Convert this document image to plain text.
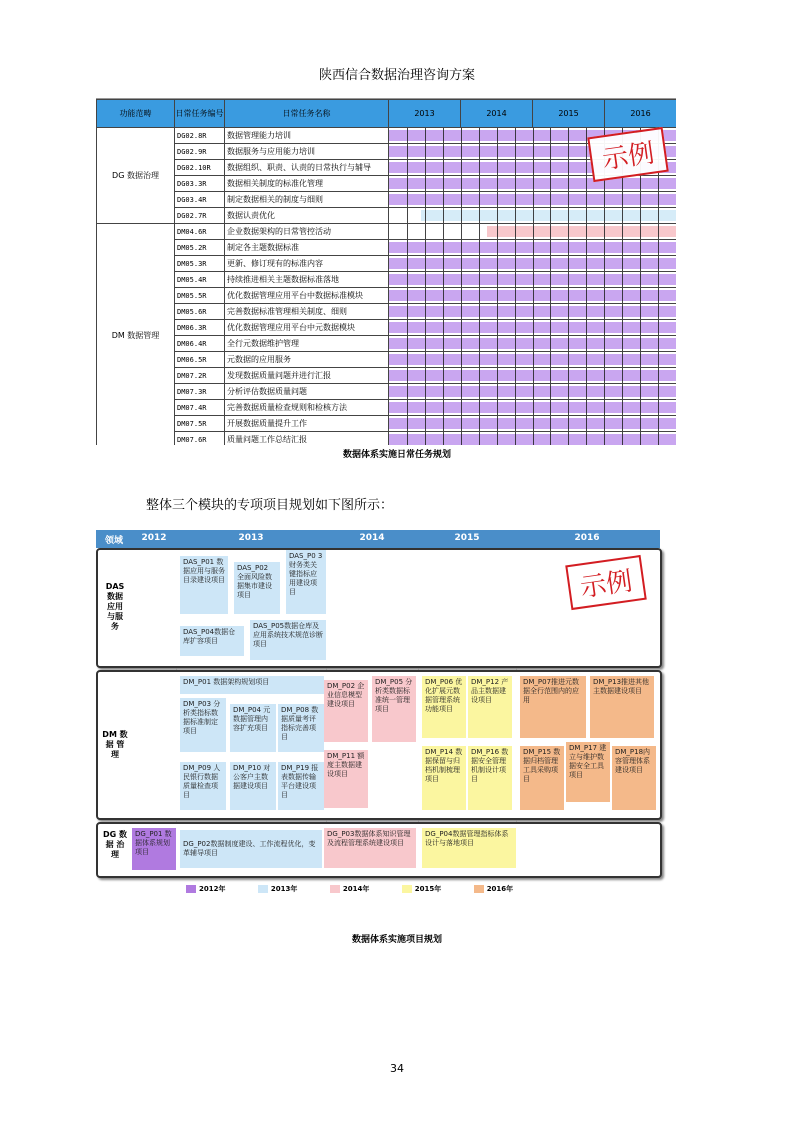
陕西信合数据治理咨询方案
功能范畴	日常任务编号	日常任务名称	2013	2014	2015	2016
DG 数据治理	DG02.8R	数据管理能力培训				

	DG02.9R	数据服务与应用能力培训				

	DG02.10R	数据组织、职责、认责的日常执行与辅导				

	DG03.3R	数据相关制度的标准化管理				

	DG03.4R	制定数据相关的制度与细则				

	DG02.7R	数据认责优化				

DM 数据管理	DM04.6R	企业数据架构的日常管控活动				

	DM05.2R	制定各主题数据标准				

	DM05.3R	更新、修订现有的标准内容				

	DM05.4R	持续推进相关主题数据标准落地				

	DM05.5R	优化数据管理应用平台中数据标准模块				

	DM05.6R	完善数据标准管理相关制度、细则				

	DM06.3R	优化数据管理应用平台中元数据模块				

	DM06.4R	全行元数据维护管理				

	DM06.5R	元数据的应用服务				

	DM07.2R	发现数据质量问题并进行汇报				

	DM07.3R	分析评估数据质量问题				

	DM07.4R	完善数据质量检查规则和检核方法				

	DM07.5R	开展数据质量提升工作				

	DM07.6R	质量问题工作总结汇报				
示例
数据体系实施日常任务规划
整体三个模块的专项项目规划如下图所示：
领域	2012	2013	2014	2015	2016
DAS 数据 应用 与服 务
DAS_P01 数据应用与服务目录建设项目
DAS_P02 全面风险数据集市建设项目
DAS_P0 3财务类关键指标应用建设项目
DAS_P04数据仓库扩容项目
DAS_P05数据仓库及应用系统技术规范诊断项目
DM 数据 管理
DM_P01 数据架构规划项目
DM_P03 分析类指标数据标准制定项目
DM_P04 元数据管理内容扩充项目
DM_P08 数据质量考评指标完善项目
DM_P09 人民银行数据质量检查项目
DM_P10 对公客户主数据建设项目
DM_P19 报表数据传输平台建设项目
DM_P02 企业信息模型建设项目
DM_P05 分析类数据标准统一管理项目
DM_P11 额度主数据建设项目
DM_P06 优化扩展元数据管理系统功能项目
DM_P12 产品主数据建设项目
DM_P14 数据保留与归档机制梳理项目
DM_P16 数据安全管理机制设计项目
DM_P07推进元数据全行范围内的应用
DM_P13推进其他主数据建设项目
DM_P15 数据归档管理工具采购项目
DM_P17 建立与维护数据安全工具项目
DM_P18内容管理体系建设项目
DG 数据 治理
DG_P01 数据体系规划项目
DG_P02数据制度建设、工作流程优化，变革辅导项目
DG_P03数据体系知识管理及流程管理系统建设项目
DG_P04数据管理指标体系设计与落地项目
2012年	2013年	2014年	2015年	2016年
示例
数据体系实施项目规划
34
